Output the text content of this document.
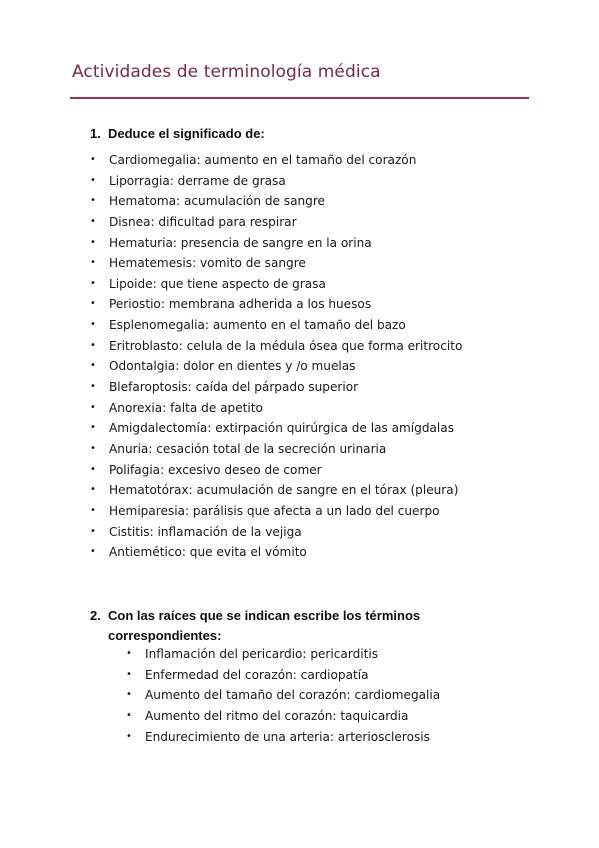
Actividades de terminología médica
1. Deduce el significado de:
• Cardiomegalia: aumento en el tamaño del corazón
• Liporragia: derrame de grasa
• Hematoma: acumulación de sangre
• Disnea: dificultad para respirar
• Hematuria: presencia de sangre en la orina
• Hematemesis: vomito de sangre
• Lipoide: que tiene aspecto de grasa
• Periostio: membrana adherida a los huesos
• Esplenomegalia: aumento en el tamaño del bazo
• Eritroblasto: celula de la médula ósea que forma eritrocito
• Odontalgia: dolor en dientes y /o muelas
• Blefaroptosis: caída del párpado superior
• Anorexia: falta de apetito
• Amigdalectomía: extirpación quirúrgica de las amígdalas
• Anuria: cesación total de la secreción urinaria
• Polifagia: excesivo deseo de comer
• Hematotórax: acumulación de sangre en el tórax (pleura)
• Hemiparesia: parálisis que afecta a un lado del cuerpo
• Cistitis: inflamación de la vejiga
• Antiemético: que evita el vómito
2. Con las raíces que se indican escribe los términos
correspondientes:
• Inflamación del pericardio: pericarditis
• Enfermedad del corazón: cardiopatía
• Aumento del tamaño del corazón: cardiomegalia
• Aumento del ritmo del corazón: taquicardia
• Endurecimiento de una arteria: arteriosclerosis
